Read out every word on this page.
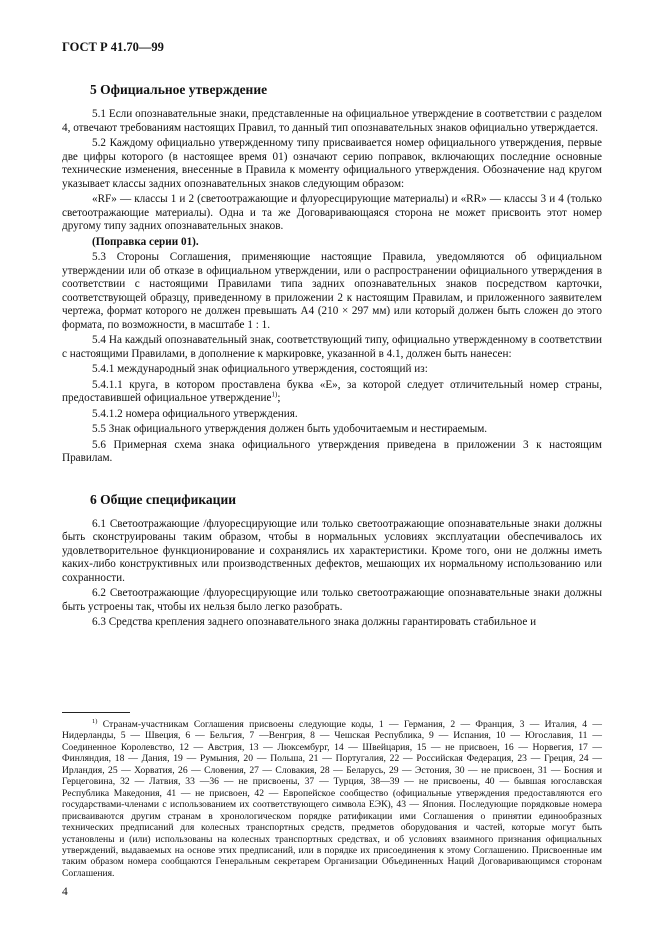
ГОСТ Р 41.70—99
5 Официальное утверждение

5.1 Если опознавательные знаки, представленные на официальное утверждение в соответствии с разделом 4, отвечают требованиям настоящих Правил, то данный тип опознавательных знаков официально утверждается.

5.2 Каждому официально утвержденному типу присваивается номер официального утверждения, первые две цифры которого (в настоящее время 01) означают серию поправок, включающих последние основные технические изменения, внесенные в Правила к моменту официального утверждения. Обозначение над кругом указывает классы задних опознавательных знаков следующим образом:

«RF» — классы 1 и 2 (светоотражающие и флуоресцирующие материалы) и «RR» — классы 3 и 4 (только светоотражающие материалы). Одна и та же Договаривающаяся сторона не может присвоить этот номер другому типу задних опознавательных знаков.

(Поправка серии 01).

5.3 Стороны Соглашения, применяющие настоящие Правила, уведомляются об официальном утверждении или об отказе в официальном утверждении, или о распространении официального утверждения в соответствии с настоящими Правилами типа задних опознавательных знаков посредством карточки, соответствующей образцу, приведенному в приложении 2 к настоящим Правилам, и приложенного заявителем чертежа, формат которого не должен превышать А4 (210 × 297 мм) или который должен быть сложен до этого формата, по возможности, в масштабе 1 : 1.

5.4 На каждый опознавательный знак, соответствующий типу, официально утвержденному в соответствии с настоящими Правилами, в дополнение к маркировке, указанной в 4.1, должен быть нанесен:

5.4.1 международный знак официального утверждения, состоящий из:

5.4.1.1 круга, в котором проставлена буква «Е», за которой следует отличительный номер страны, предоставившей официальное утверждение$^{1)}$;

5.4.1.2 номера официального утверждения.

5.5 Знак официального утверждения должен быть удобочитаемым и нестираемым.

5.6 Примерная схема знака официального утверждения приведена в приложении 3 к настоящим Правилам.

6 Общие спецификации

6.1 Светоотражающие /флуоресцирующие или только светоотражающие опознавательные знаки должны быть сконструированы таким образом, чтобы в нормальных условиях эксплуатации обеспечивалось их удовлетворительное функционирование и сохранялись их характеристики. Кроме того, они не должны иметь каких-либо конструктивных или производственных дефектов, мешающих их нормальному использованию или сохранности.

6.2 Светоотражающие /флуоресцирующие или только светоотражающие опознавательные знаки должны быть устроены так, чтобы их нельзя было легко разобрать.

6.3 Средства крепления заднего опознавательного знака должны гарантировать стабильное и

$^{1)}$ Странам-участникам Соглашения присвоены следующие коды, 1 — Германия, 2 — Франция, 3 — Италия, 4 — Нидерланды, 5 — Швеция, 6 — Бельгия, 7 —Венгрия, 8 — Чешская Республика, 9 — Испания, 10 — Югославия, 11 — Соединенное Королевство, 12 — Австрия, 13 — Люксембург, 14 — Швейцария, 15 — не присвоен, 16 — Норвегия, 17 — Финляндия, 18 — Дания, 19 — Румыния, 20 — Польша, 21 — Португалия, 22 — Российская Федерация, 23 — Греция, 24 — Ирландия, 25 — Хорватия, 26 — Словения, 27 — Словакия, 28 — Беларусь, 29 — Эстония, 30 — не присвоен, 31 — Босния и Герцеговина, 32 — Латвия, 33 —36 — не присвоены, 37 — Турция, 38—39 — не присвоены, 40 — бывшая югославская Республика Македония, 41 — не присвоен, 42 — Европейское сообщество (официальные утверждения предоставляются его государствами-членами с использованием их соответствующего символа ЕЭК), 43 — Япония. Последующие порядковые номера присваиваются другим странам в хронологическом порядке ратификации ими Соглашения о принятии единообразных технических предписаний для колесных транспортных средств, предметов оборудования и частей, которые могут быть установлены и (или) использованы на колесных транспортных средствах, и об условиях взаимного признания официальных утверждений, выдаваемых на основе этих предписаний, или в порядке их присоединения к этому Соглашению. Присвоенные им таким образом номера сообщаются Генеральным секретарем Организации Объединенных Наций Договаривающимся сторонам Соглашения.
4
